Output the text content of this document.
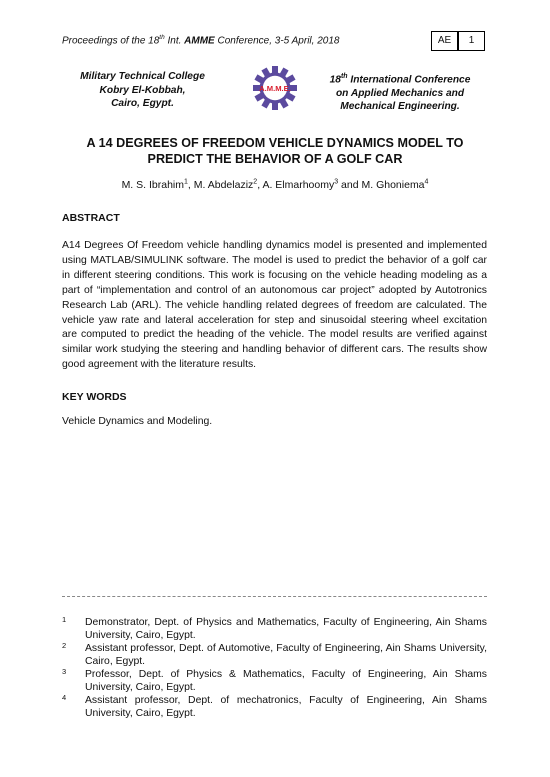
Proceedings of the 18th Int. AMME Conference, 3-5 April, 2018	AE	1
Military Technical College
Kobry El-Kobbah,
Cairo, Egypt.
A.M.M.E.
18th International Conference
on Applied Mechanics and
Mechanical Engineering.
A 14 DEGREES OF FREEDOM VEHICLE DYNAMICS MODEL TO
PREDICT THE BEHAVIOR OF A GOLF CAR
M. S. Ibrahim$^1$, M. Abdelaziz$^2$, A. Elmarhoomy$^3$ and M. Ghoniema$^4$
ABSTRACT
A14 Degrees Of Freedom vehicle handling dynamics model is presented and implemented using MATLAB/SIMULINK software. The model is used to predict the behavior of a golf car in different steering conditions. This work is focusing on the vehicle heading modeling as a part of “implementation and control of an autonomous car project” adopted by Autotronics Research Lab (ARL). The vehicle handling related degrees of freedom are calculated. The vehicle yaw rate and lateral acceleration for step and sinusoidal steering wheel excitation are computed to predict the heading of the vehicle. The model results are verified against similar work studying the steering and handling behavior of different cars. The results show good agreement with the literature results.
KEY WORDS
Vehicle Dynamics and Modeling.
1 Demonstrator, Dept. of Physics and Mathematics, Faculty of Engineering, Ain Shams University, Cairo, Egypt.
2 Assistant professor, Dept. of Automotive, Faculty of Engineering, Ain Shams University, Cairo, Egypt.
3 Professor, Dept. of Physics & Mathematics, Faculty of Engineering, Ain Shams University, Cairo, Egypt.
4 Assistant professor, Dept. of mechatronics, Faculty of Engineering, Ain Shams University, Cairo, Egypt.
